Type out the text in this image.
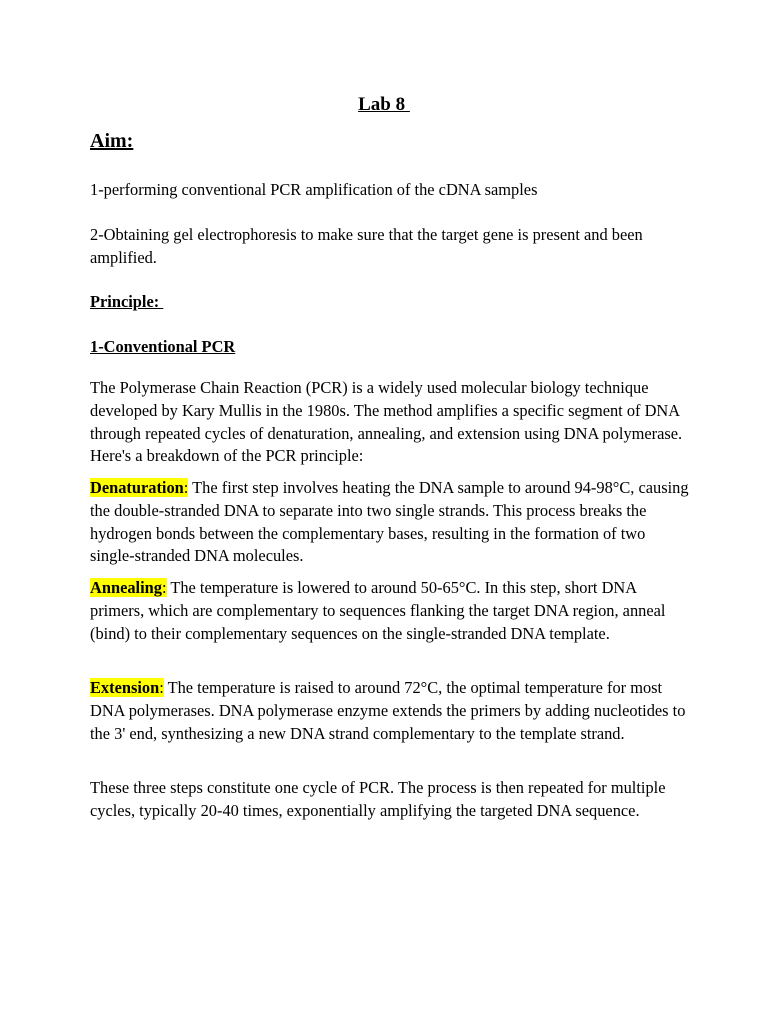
Lab 8
Aim:
1-performing conventional PCR amplification of the cDNA samples
2-Obtaining gel electrophoresis to make sure that the target gene is present and been amplified.
Principle:
1-Conventional PCR
The Polymerase Chain Reaction (PCR) is a widely used molecular biology technique developed by Kary Mullis in the 1980s. The method amplifies a specific segment of DNA through repeated cycles of denaturation, annealing, and extension using DNA polymerase. Here's a breakdown of the PCR principle:
Denaturation: The first step involves heating the DNA sample to around 94-98°C, causing the double-stranded DNA to separate into two single strands. This process breaks the hydrogen bonds between the complementary bases, resulting in the formation of two single-stranded DNA molecules.
Annealing: The temperature is lowered to around 50-65°C. In this step, short DNA primers, which are complementary to sequences flanking the target DNA region, anneal (bind) to their complementary sequences on the single-stranded DNA template.
Extension: The temperature is raised to around 72°C, the optimal temperature for most DNA polymerases. DNA polymerase enzyme extends the primers by adding nucleotides to the 3' end, synthesizing a new DNA strand complementary to the template strand.
These three steps constitute one cycle of PCR. The process is then repeated for multiple cycles, typically 20-40 times, exponentially amplifying the targeted DNA sequence.
